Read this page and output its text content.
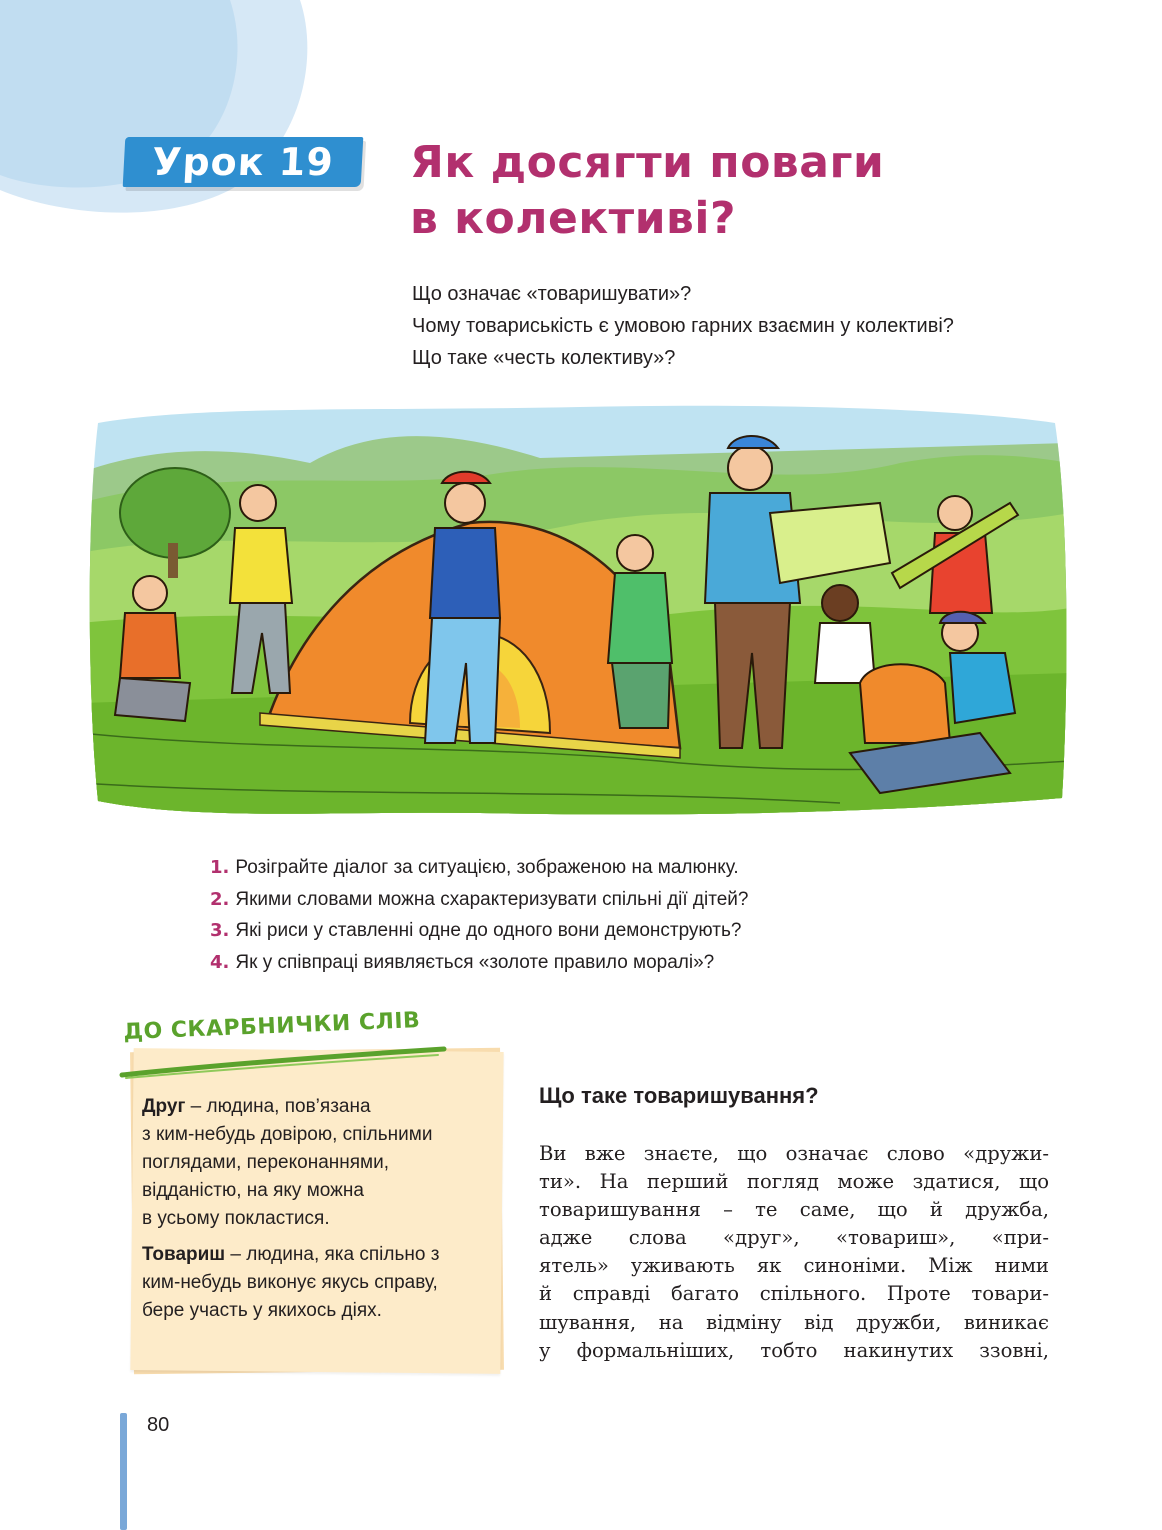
Урок 19	Як досягти поваги
в колективі?
Що означає «товаришувати»?
Чому товариськість є умовою гарних взаємин у колективі?
Що таке «честь колективу»?
1. Розіграйте діалог за ситуацією, зображеною на малюнку.
2. Якими словами можна схарактеризувати спільні дії дітей?
3. Які риси у ставленні одне до одного вони демонструють?
4. Як у співпраці виявляється «золоте правило моралі»?
ДО СКАРБНИЧКИ СЛІВ

Друг – людина, пов’язана
з ким-небудь довірою, спільними
поглядами, переконаннями,
відданістю, на яку можна
в усьому покластися.

Товариш – людина, яка спільно з
ким-небудь виконує якусь справу,
бере участь у якихось діях.

Що таке товаришування?

Ви вже знаєте, що означає слово «дружи-
ти». На перший погляд може здатися, що
товаришування – те саме, що й дружба,
адже слова «друг», «товариш», «при-
ятель» уживають як синоніми. Між ними
й справді багато спільного. Проте товари-
шування, на відміну від дружби, виникає
у формальніших, тобто накинутих ззовні,

80
